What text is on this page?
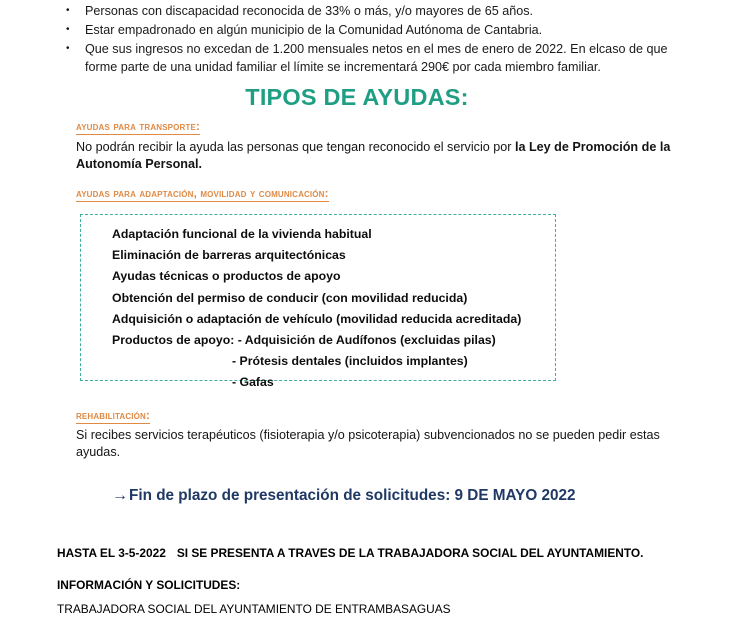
• Personas con discapacidad reconocida de 33% o más, y/o mayores de 65 años.
• Estar empadronado en algún municipio de la Comunidad Autónoma de Cantabria.
• Que sus ingresos no excedan de 1.200 mensuales netos en el mes de enero de 2022. En elcaso de que forme parte de una unidad familiar el límite se incrementará 290€ por cada miembro familiar.
TIPOS DE AYUDAS:
ayudas para transporte:
No podrán recibir la ayuda las personas que tengan reconocido el servicio por la Ley de Promoción de la Autonomía Personal.
ayudas para adaptación, movilidad y comunicación:
Adaptación funcional de la vivienda habitual
Eliminación de barreras arquitectónicas
Ayudas técnicas o productos de apoyo
Obtención del permiso de conducir (con movilidad reducida)
Adquisición o adaptación de vehículo (movilidad reducida acreditada)
Productos de apoyo: - Adquisición de Audífonos (excluidas pilas)
- Prótesis dentales (incluidos implantes)
- Gafas
rehabilitación:
Si recibes servicios terapéuticos (fisioterapia y/o psicoterapia) subvencionados no se pueden pedir estas ayudas.
→Fin de plazo de presentación de solicitudes: 9 DE MAYO 2022
HASTA EL 3-5-2022 SI SE PRESENTA A TRAVES DE LA TRABAJADORA SOCIAL DEL AYUNTAMIENTO.
INFORMACIÓN Y SOLICITUDES:
TRABAJADORA SOCIAL DEL AYUNTAMIENTO DE ENTRAMBASAGUAS
